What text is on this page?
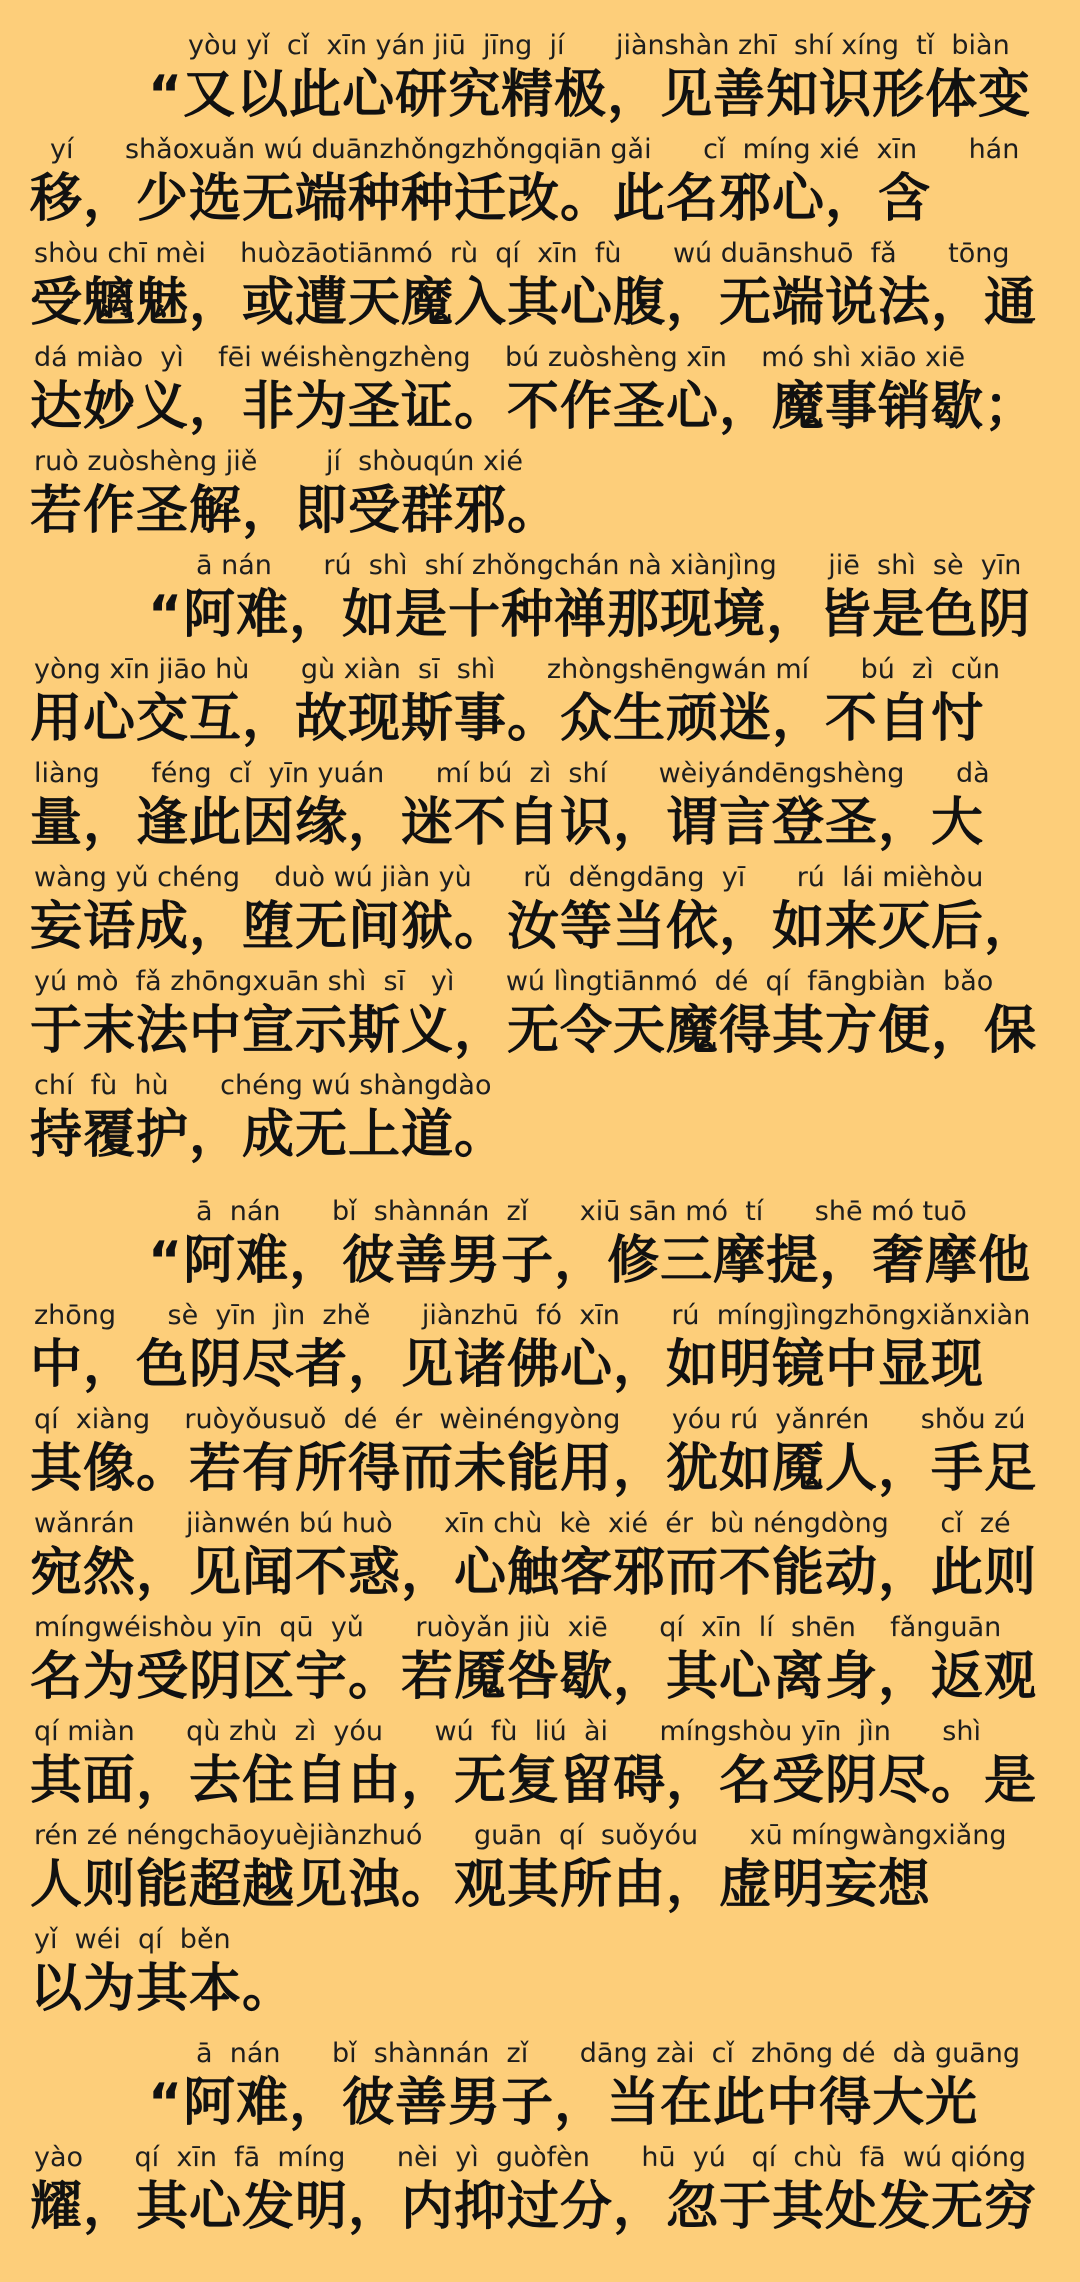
yòu yǐ  cǐ  xīn yán jiū  jīng  jí      jiànshàn zhī  shí xíng  tǐ  biàn
“又以此心研究精极，见善知识形体变
yí      shǎoxuǎn wú duānzhǒngzhǒngqiān gǎi      cǐ  míng xié  xīn      hán
移，少选无端种种迁改。此名邪心，含
shòu chī mèi    huòzāotiānmó  rù  qí  xīn  fù      wú duānshuō  fǎ      tōng
受魑魅，或遭天魔入其心腹，无端说法，通
dá miào  yì    fēi wéishèngzhèng    bú zuòshèng xīn    mó shì xiāo xiē
达妙义，非为圣证。不作圣心，魔事销歇；
ruò zuòshèng jiě        jí  shòuqún xié
若作圣解，即受群邪。
ā nán      rú  shì  shí zhǒngchán nà xiànjìng      jiē  shì  sè  yīn
“阿难，如是十种禅那现境，皆是色阴
yòng xīn jiāo hù      gù xiàn  sī  shì      zhòngshēngwán mí      bú  zì  cǔn
用心交互，故现斯事。众生顽迷，不自忖
liàng      féng  cǐ  yīn yuán      mí bú  zì  shí      wèiyándēngshèng      dà
量，逢此因缘，迷不自识，谓言登圣，大
wàng yǔ chéng    duò wú jiàn yù      rǔ  děngdāng  yī      rú  lái mièhòu
妄语成，堕无间狱。汝等当依，如来灭后，
yú mò  fǎ zhōngxuān shì  sī   yì      wú lìngtiānmó  dé  qí  fāngbiàn  bǎo
于末法中宣示斯义，无令天魔得其方便，保
chí  fù  hù      chéng wú shàngdào
持覆护，成无上道。
ā  nán      bǐ  shànnán  zǐ      xiū sān mó  tí      shē mó tuō
“阿难，彼善男子，修三摩提，奢摩他
zhōng      sè  yīn  jìn  zhě      jiànzhū  fó  xīn      rú  míngjìngzhōngxiǎnxiàn
中，色阴尽者，见诸佛心，如明镜中显现
qí  xiàng    ruòyǒusuǒ  dé  ér  wèinéngyòng      yóu rú  yǎnrén      shǒu zú
其像。若有所得而未能用，犹如魇人，手足
wǎnrán      jiànwén bú huò      xīn chù  kè  xié  ér  bù néngdòng      cǐ  zé
宛然，见闻不惑，心触客邪而不能动，此则
míngwéishòu yīn  qū  yǔ      ruòyǎn jiù  xiē      qí  xīn  lí  shēn    fǎnguān
名为受阴区宇。若魇咎歇，其心离身，返观
qí miàn      qù zhù  zì  yóu      wú  fù  liú  ài      míngshòu yīn  jìn      shì
其面，去住自由，无复留碍，名受阴尽。是
rén zé néngchāoyuèjiànzhuó      guān  qí  suǒyóu      xū míngwàngxiǎng
人则能超越见浊。观其所由，虚明妄想
yǐ  wéi  qí  běn
以为其本。
ā  nán      bǐ  shànnán  zǐ      dāng zài  cǐ  zhōng dé  dà guāng
“阿难，彼善男子，当在此中得大光
yào      qí  xīn  fā  míng      nèi  yì  guòfèn      hū  yú   qí  chù  fā  wú qióng
耀，其心发明，内抑过分，忽于其处发无穷
